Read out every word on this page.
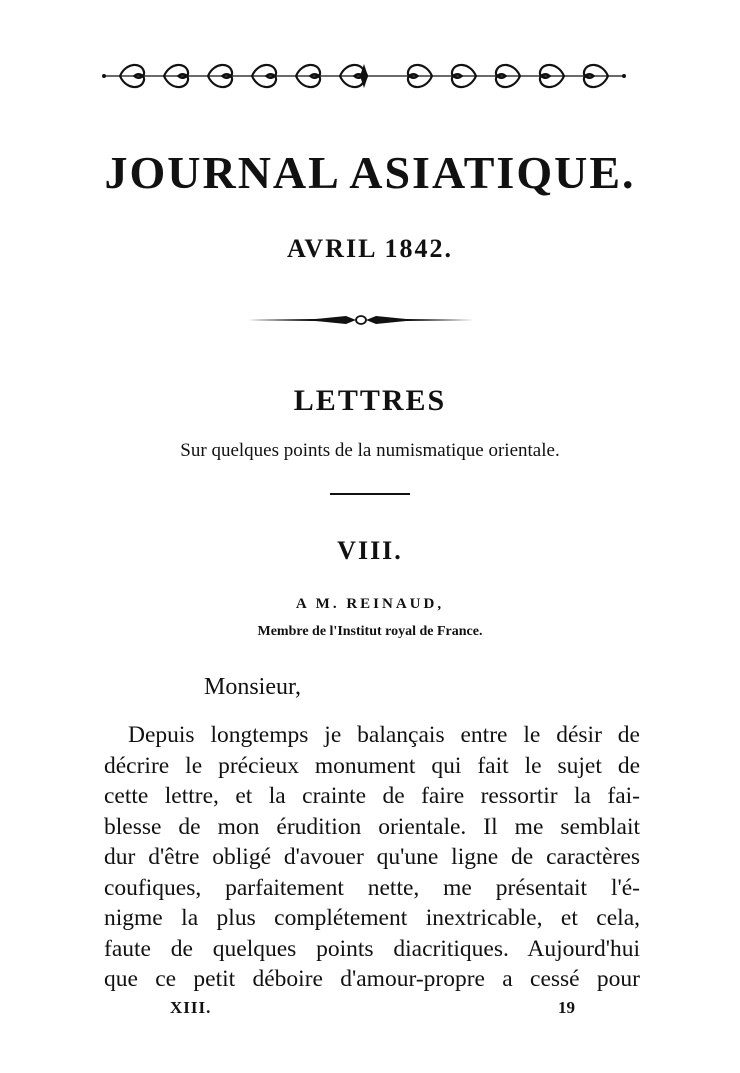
JOURNAL ASIATIQUE.
AVRIL 1842.
LETTRES
Sur quelques points de la numismatique orientale.
VIII.
A M. REINAUD,
Membre de l'Institut royal de France.
Monsieur,
Depuis longtemps je balançais entre le désir de
décrire le précieux monument qui fait le sujet de
cette lettre, et la crainte de faire ressortir la fai-
blesse de mon érudition orientale. Il me semblait
dur d'être obligé d'avouer qu'une ligne de caractères
coufiques, parfaitement nette, me présentait l'é-
nigme la plus complétement inextricable, et cela,
faute de quelques points diacritiques. Aujourd'hui
que ce petit déboire d'amour-propre a cessé pour
XIII.	19
